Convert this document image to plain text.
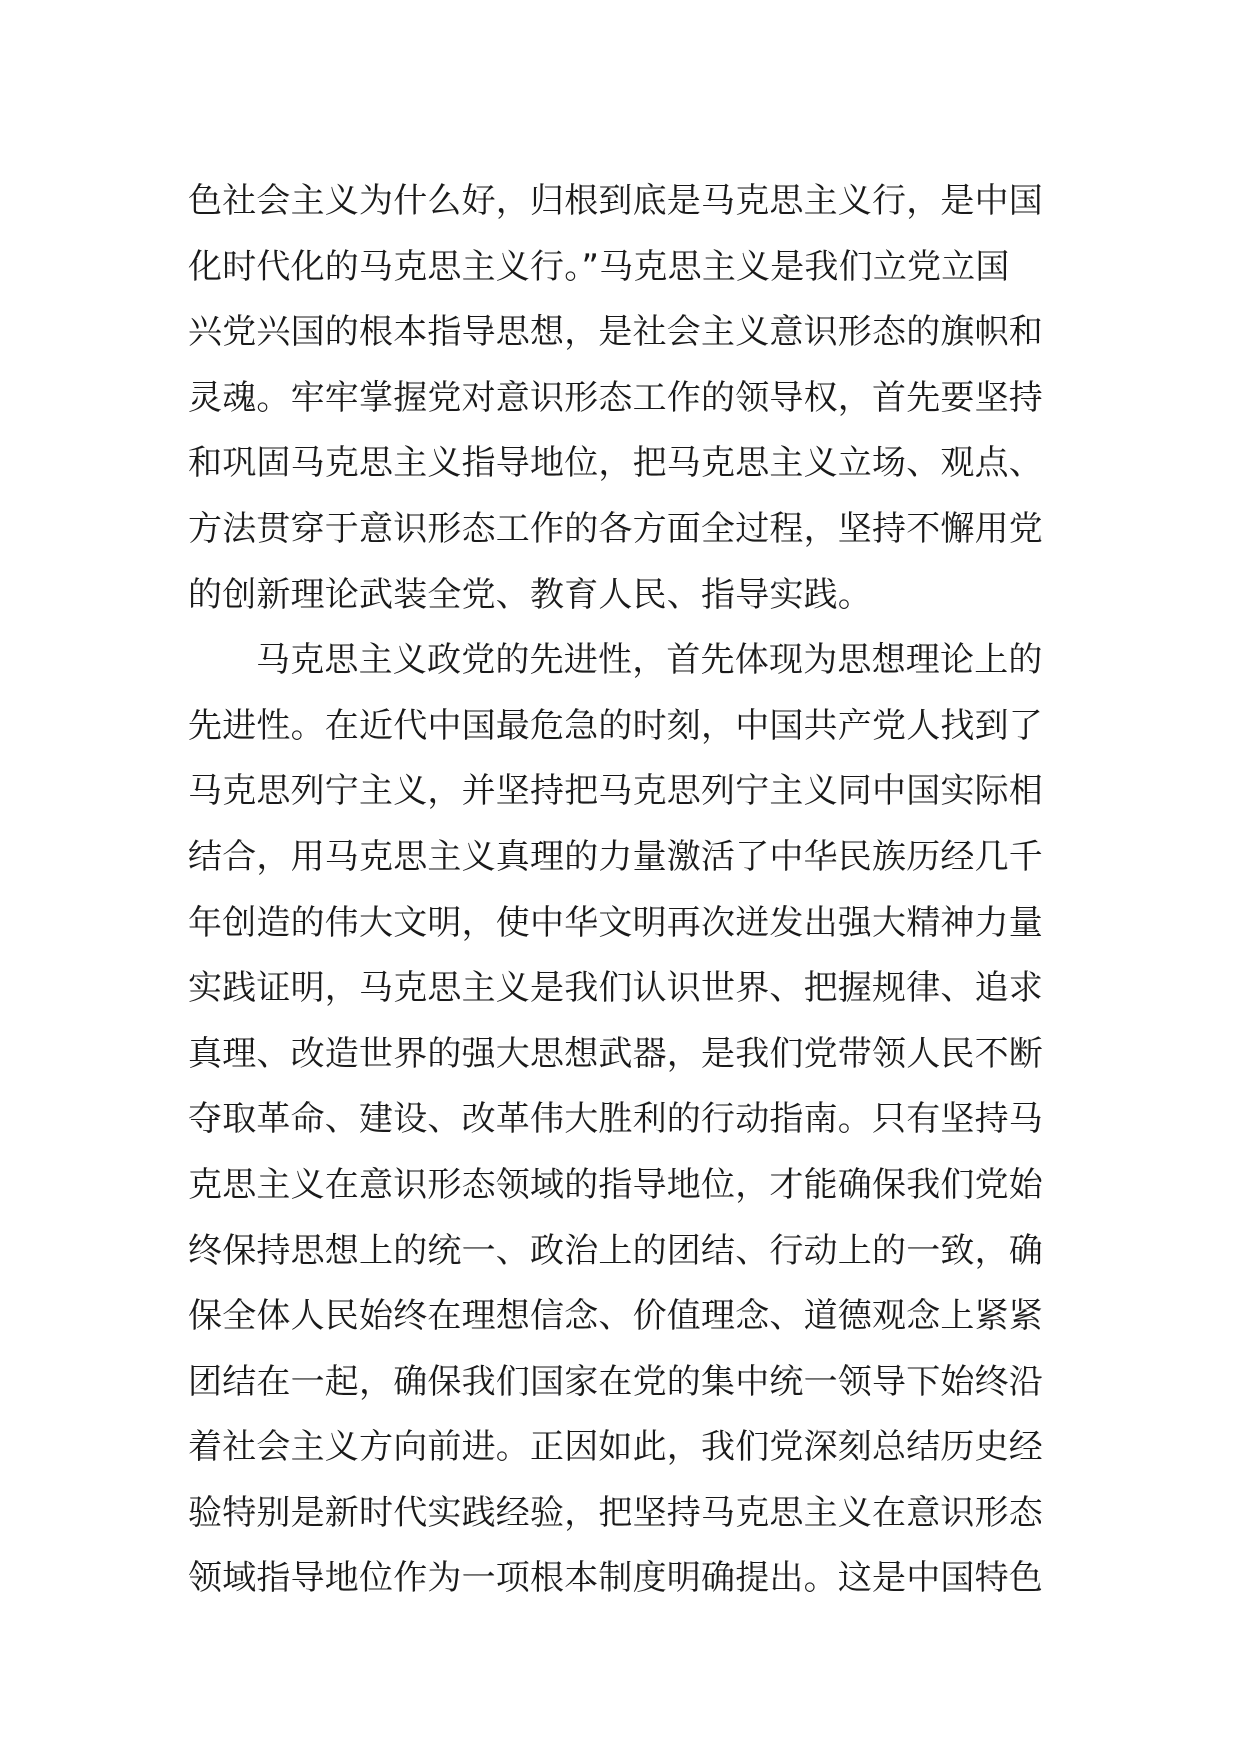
色社会主义为什么好，归根到底是马克思主义行，是中国
化时代化的马克思主义行。”马克思主义是我们立党立国
兴党兴国的根本指导思想，是社会主义意识形态的旗帜和
灵魂。牢牢掌握党对意识形态工作的领导权，首先要坚持
和巩固马克思主义指导地位，把马克思主义立场、观点、
方法贯穿于意识形态工作的各方面全过程，坚持不懈用党
的创新理论武装全党、教育人民、指导实践。
马克思主义政党的先进性，首先体现为思想理论上的
先进性。在近代中国最危急的时刻，中国共产党人找到了
马克思列宁主义，并坚持把马克思列宁主义同中国实际相
结合，用马克思主义真理的力量激活了中华民族历经几千
年创造的伟大文明，使中华文明再次迸发出强大精神力量
实践证明，马克思主义是我们认识世界、把握规律、追求
真理、改造世界的强大思想武器，是我们党带领人民不断
夺取革命、建设、改革伟大胜利的行动指南。只有坚持马
克思主义在意识形态领域的指导地位，才能确保我们党始
终保持思想上的统一、政治上的团结、行动上的一致，确
保全体人民始终在理想信念、价值理念、道德观念上紧紧
团结在一起，确保我们国家在党的集中统一领导下始终沿
着社会主义方向前进。正因如此，我们党深刻总结历史经
验特别是新时代实践经验，把坚持马克思主义在意识形态
领域指导地位作为一项根本制度明确提出。这是中国特色
